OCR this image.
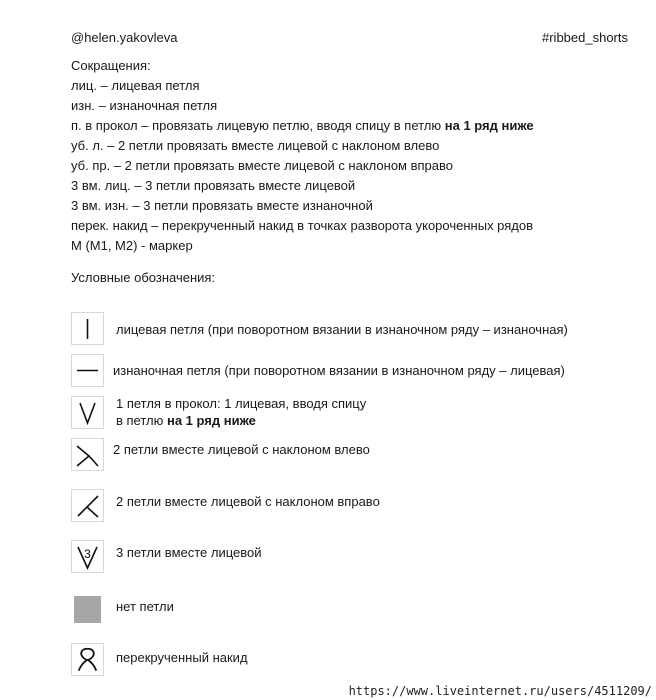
@helen.yakovleva	#ribbed_shorts
Сокращения:
лиц. – лицевая петля
изн. – изнаночная петля
п. в прокол – провязать лицевую петлю, вводя спицу в петлю на 1 ряд ниже
уб. л. – 2 петли провязать вместе лицевой с наклоном влево
уб. пр. – 2 петли провязать вместе лицевой с наклоном вправо
3 вм. лиц. – 3 петли провязать вместе лицевой
3 вм. изн. – 3 петли провязать вместе изнаночной
перек. накид – перекрученный накид в точках разворота укороченных рядов
М (М1, М2) - маркер
Условные обозначения:
лицевая петля (при поворотном вязании в изнаночном ряду – изнаночная)
изнаночная петля (при поворотном вязании в изнаночном ряду – лицевая)
1 петля в прокол: 1 лицевая, вводя спицу
в петлю на 1 ряд ниже
2 петли вместе лицевой с наклоном влево
2 петли вместе лицевой с наклоном вправо
3 3 петли вместе лицевой
нет петли
перекрученный накид
https://www.liveinternet.ru/users/4511209/
